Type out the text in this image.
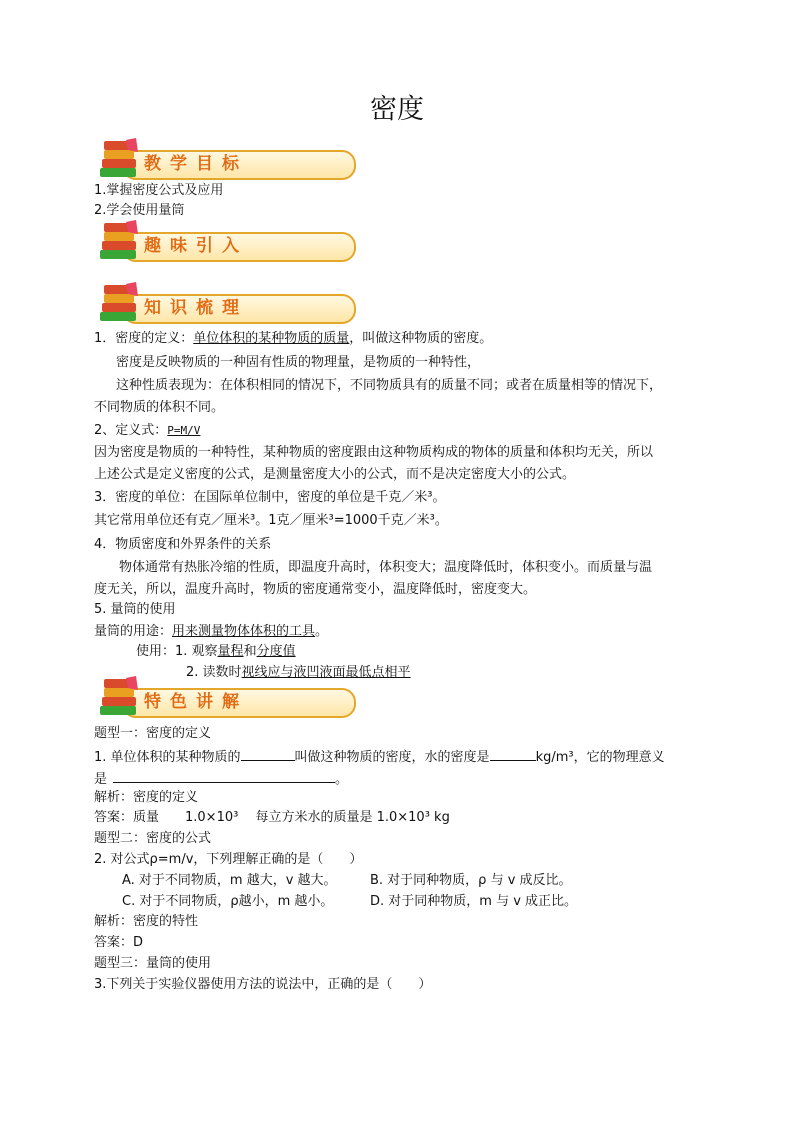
密度
教学目标
1.掌握密度公式及应用
2.学会使用量筒
趣味引入
知识梳理
1．密度的定义：单位体积的某种物质的质量，叫做这种物质的密度。
密度是反映物质的一种固有性质的物理量，是物质的一种特性，
这种性质表现为：在体积相同的情况下，不同物质具有的质量不同；或者在质量相等的情况下，
不同物质的体积不同。
2、定义式：P=M/V
因为密度是物质的一种特性，某种物质的密度跟由这种物质构成的物体的质量和体积均无关，所以
上述公式是定义密度的公式，是测量密度大小的公式，而不是决定密度大小的公式。
3．密度的单位：在国际单位制中，密度的单位是千克／米³。
其它常用单位还有克／厘米³。1克／厘米³=1000千克／米³。
4．物质密度和外界条件的关系
物体通常有热胀冷缩的性质，即温度升高时，体积变大；温度降低时，体积变小。而质量与温
度无关，所以，温度升高时，物质的密度通常变小，温度降低时，密度变大。
5. 量筒的使用
量筒的用途：用来测量物体体积的工具。
使用：1. 观察量程和分度值
2. 读数时视线应与液凹液面最低点相平
特色讲解
题型一：密度的定义
1. 单位体积的某种物质的	叫做这种物质的密度，水的密度是	kg/m³，它的物理意义
是	。
解析：密度的定义
答案：质量　　1.0×10³　 每立方米水的质量是 1.0×10³ kg
题型二：密度的公式
2. 对公式ρ=m/v，下列理解正确的是（　　）
A. 对于不同物质，m 越大，v 越大。	B. 对于同种物质，ρ 与 v 成反比。
C. 对于不同物质，ρ越小，m 越小。	D. 对于同种物质，m 与 v 成正比。
解析：密度的特性
答案：D
题型三：量筒的使用
3.下列关于实验仪器使用方法的说法中，正确的是（　　）
